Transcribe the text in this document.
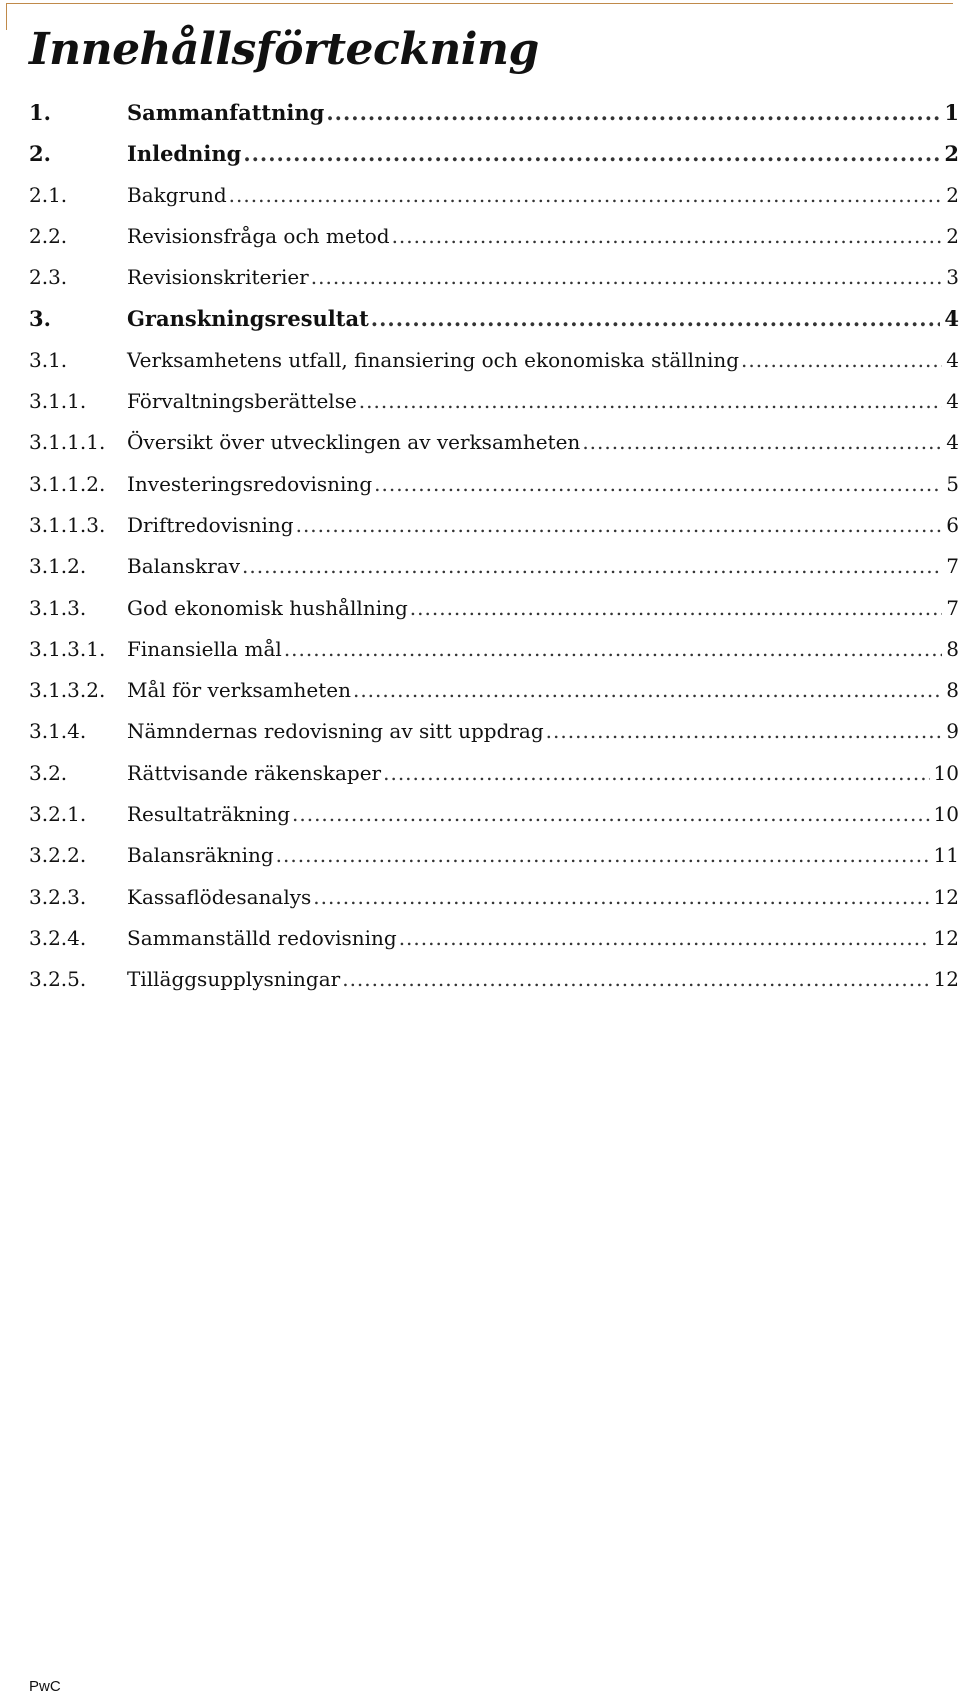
Innehållsförteckning
1.	Sammanfattning .....	1
2.	Inledning .....	2
2.1.	Bakgrund .....	2
2.2.	Revisionsfråga och metod .....	2
2.3.	Revisionskriterier .....	3
3.	Granskningsresultat .....	4
3.1.	Verksamhetens utfall, finansiering och ekonomiska ställning .....	4
3.1.1.	Förvaltningsberättelse .....	4
3.1.1.1.	Översikt över utvecklingen av verksamheten .....	4
3.1.1.2.	Investeringsredovisning .....	5
3.1.1.3.	Driftredovisning .....	6
3.1.2.	Balanskrav .....	7
3.1.3.	God ekonomisk hushållning .....	7
3.1.3.1.	Finansiella mål .....	8
3.1.3.2.	Mål för verksamheten .....	8
3.1.4.	Nämndernas redovisning av sitt uppdrag .....	9
3.2.	Rättvisande räkenskaper .....	10
3.2.1.	Resultaträkning .....	10
3.2.2.	Balansräkning .....	11
3.2.3.	Kassaflödesanalys .....	12
3.2.4.	Sammanställd redovisning .....	12
3.2.5.	Tilläggsupplysningar .....	12
PwC
